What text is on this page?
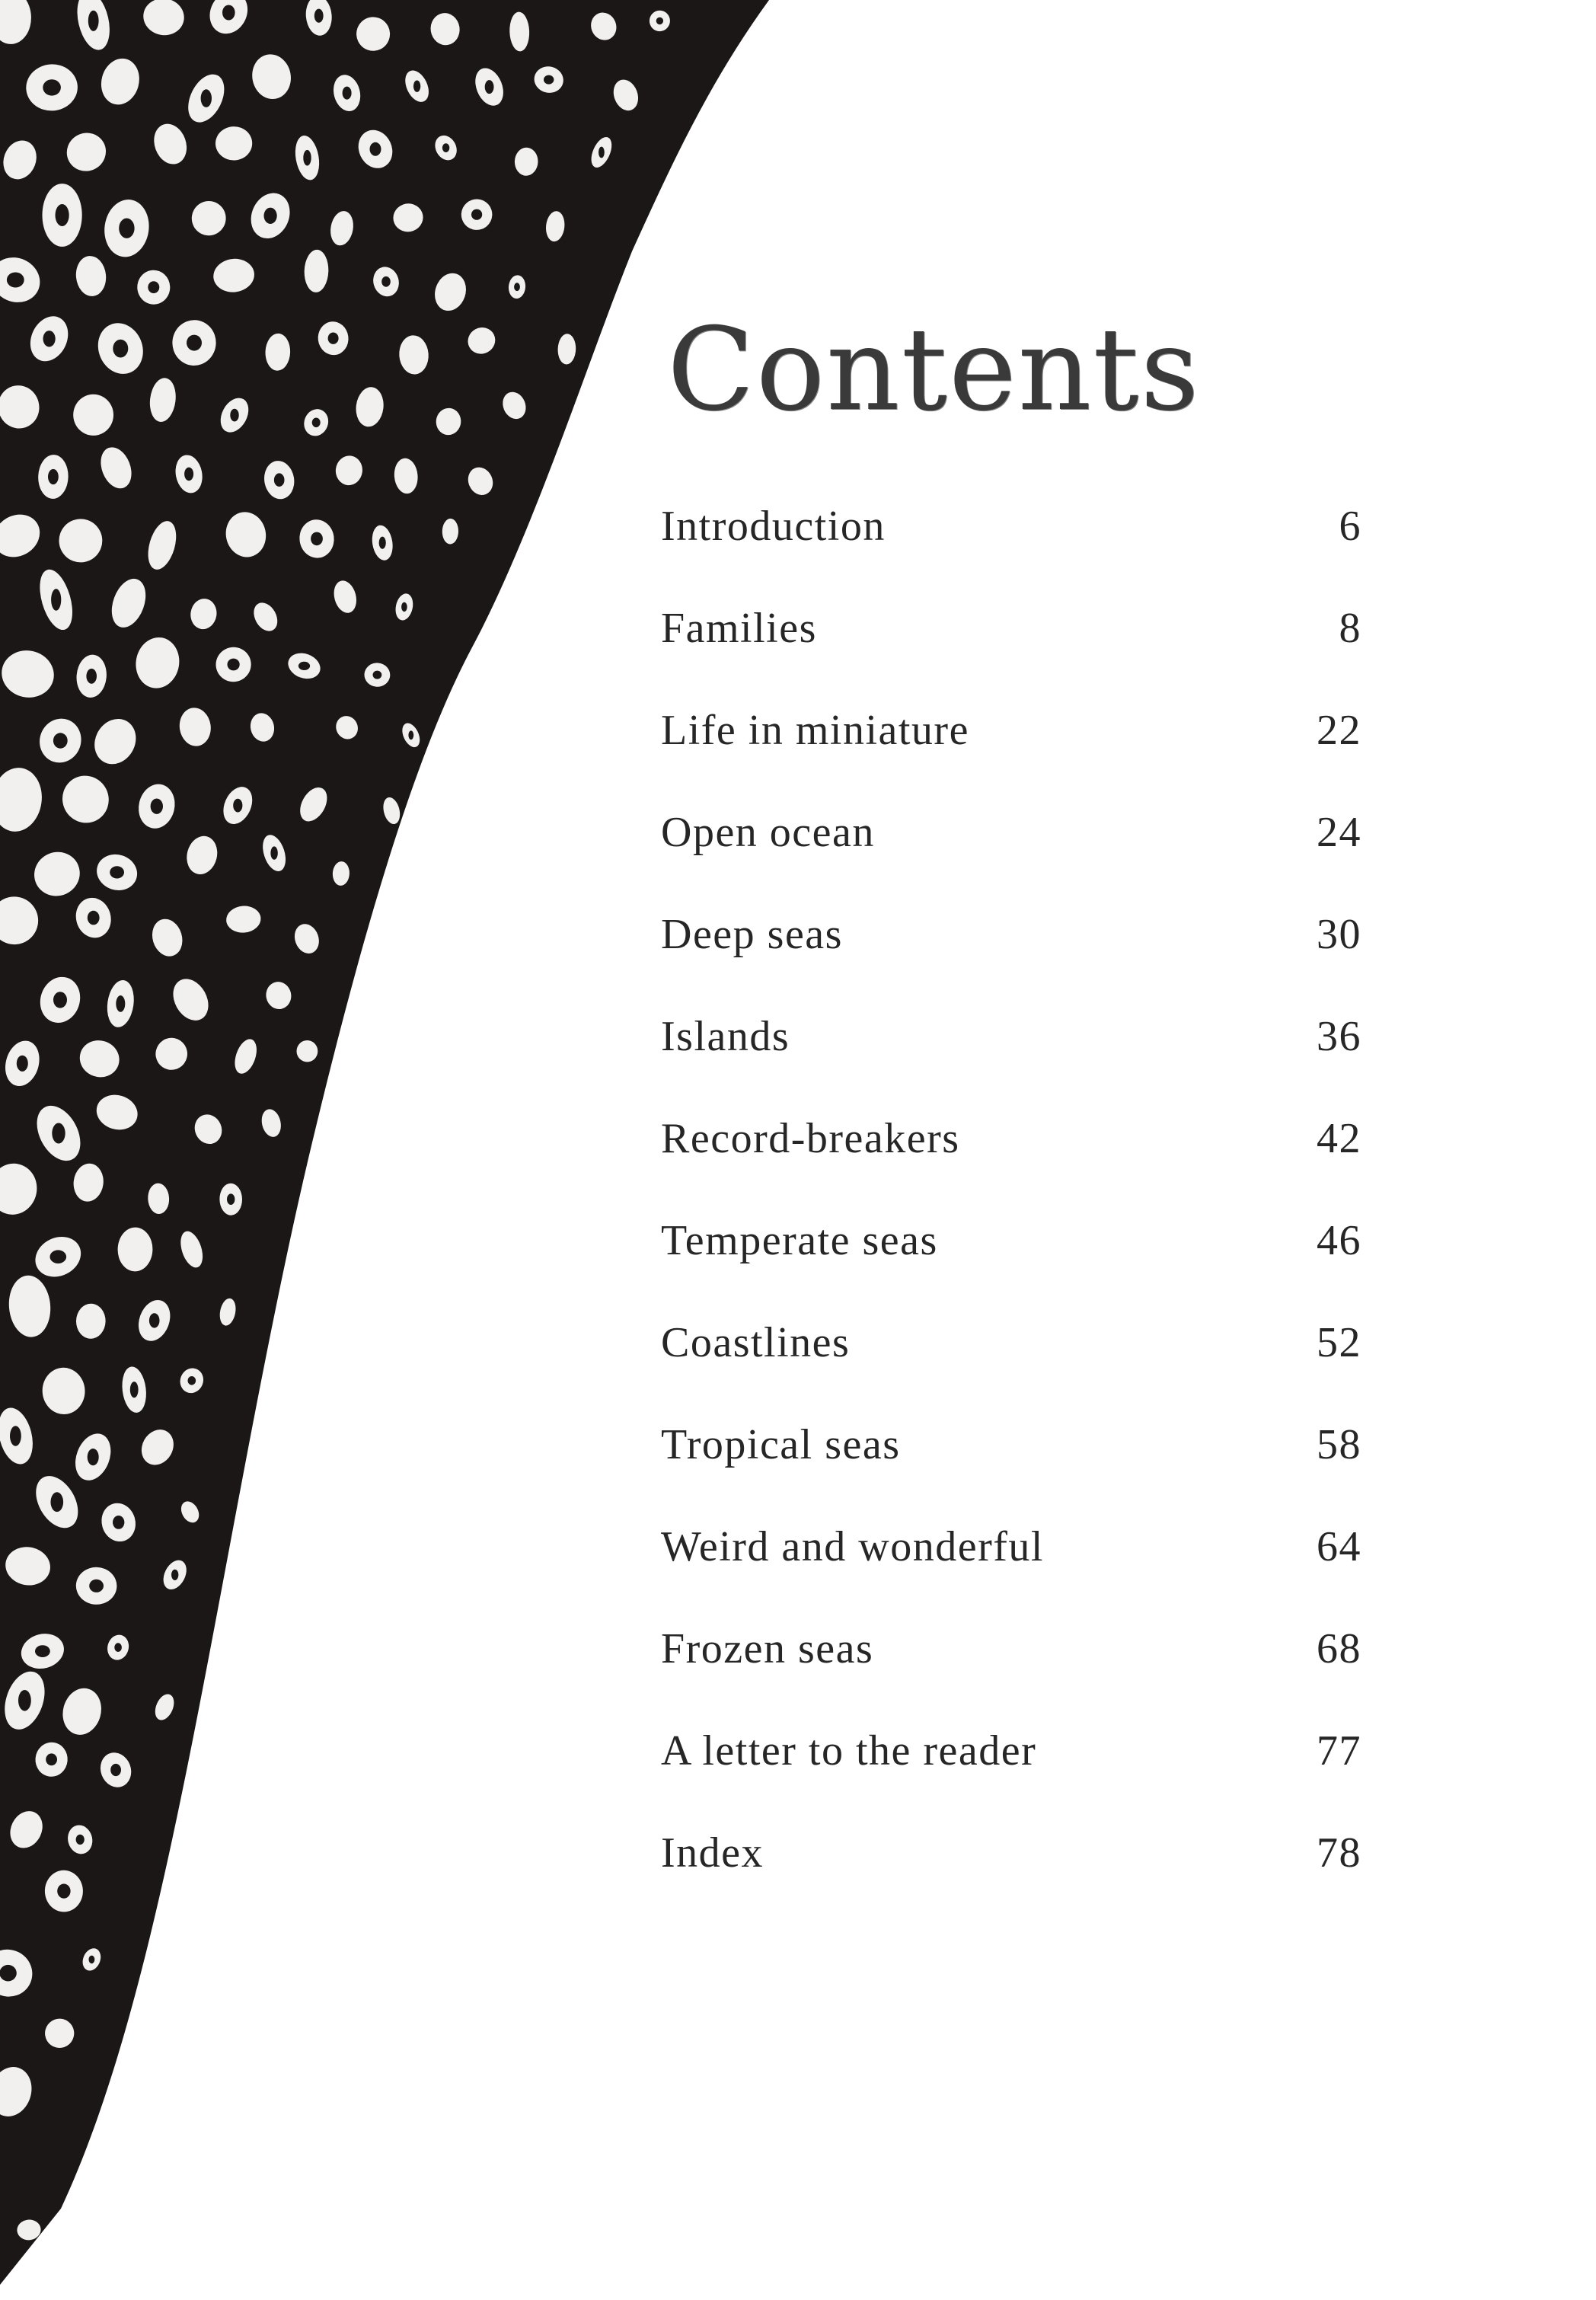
Contents
Introduction	6
Families	8
Life in miniature	22
Open ocean	24
Deep seas	30
Islands	36
Record-breakers	42
Temperate seas	46
Coastlines	52
Tropical seas	58
Weird and wonderful	64
Frozen seas	68
A letter to the reader	77
Index	78
